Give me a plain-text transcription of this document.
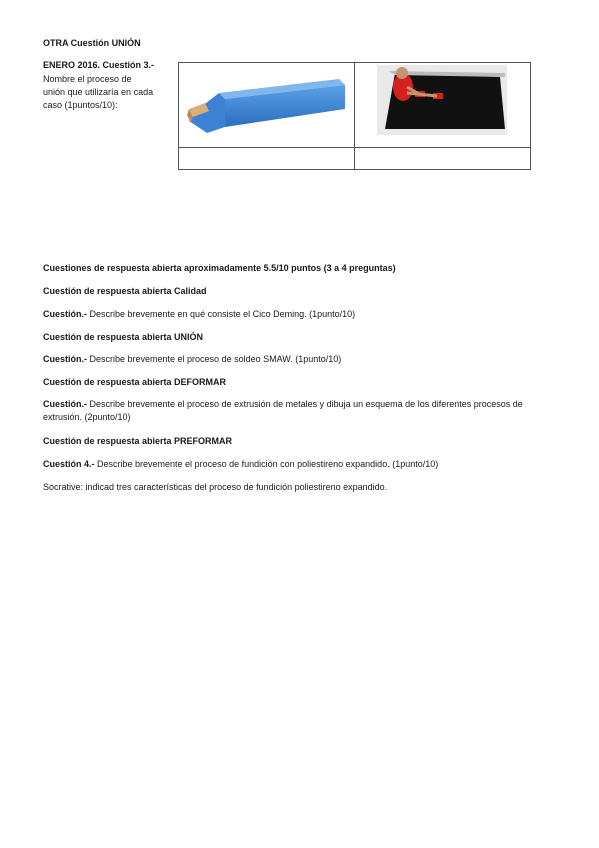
OTRA Cuestión UNIÓN
ENERO 2016. Cuestión 3.-
Nombre el proceso de
unión que utilizaría en cada
caso (1puntos/10):

Cuestiones de respuesta abierta aproximadamente 5.5/10 puntos (3 a 4 preguntas)
Cuestión de respuesta abierta Calidad
Cuestión.- Describe brevemente en qué consiste el Cico Deming. (1punto/10)
Cuestión de respuesta abierta UNIÓN
Cuestión.- Describe brevemente el proceso de soldeo SMAW. (1punto/10)
Cuestión de respuesta abierta DEFORMAR
Cuestión.- Describe brevemente el proceso de extrusión de metales y dibuja un esquema de los diferentes procesos de extrusión. (2punto/10)
Cuestión de respuesta abierta PREFORMAR
Cuestión 4.- Describe brevemente el proceso de fundición con poliestireno expandido. (1punto/10)
Socrative: indicad tres características del proceso de fundición poliestireno expandido.
